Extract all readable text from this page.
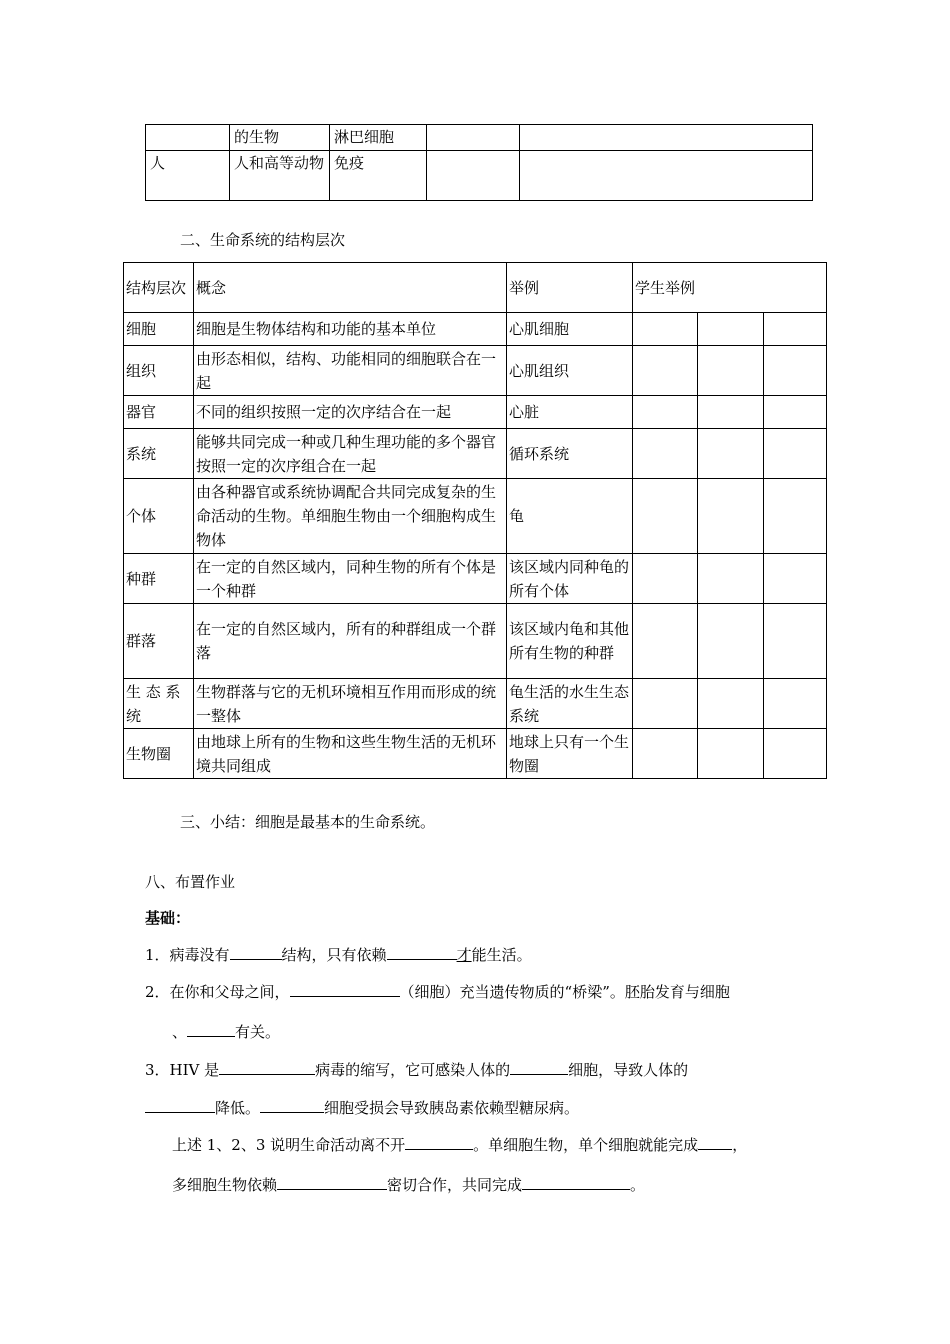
	的生物	淋巴细胞		
人	人和高等动物	免疫		
二、生命系统的结构层次
结构层次	概念	举例	学生举例		
细胞	细胞是生物体结构和功能的基本单位	心肌细胞			
组织	由形态相似，结构、功能相同的细胞联合在一起	心肌组织			
器官	不同的组织按照一定的次序结合在一起	心脏			
系统	能够共同完成一种或几种生理功能的多个器官按照一定的次序组合在一起	循环系统			
个体	由各种器官或系统协调配合共同完成复杂的生命活动的生物。单细胞生物由一个细胞构成生物体	龟			
种群	在一定的自然区域内，同种生物的所有个体是一个种群	该区域内同种龟的所有个体			
群落	在一定的自然区域内，所有的种群组成一个群落	该区域内龟和其他所有生物的种群			
生 态 系统	生物群落与它的无机环境相互作用而形成的统一整体	龟生活的水生生态系统			
生物圈	由地球上所有的生物和这些生物生活的无机环境共同组成	地球上只有一个生物圈			
三、小结：细胞是最基本的生命系统。
八、布置作业
基础：
1．病毒没有	结构，只有依赖	才能生活。
2．在你和父母之间，	（细胞）充当遗传物质的“桥梁”。胚胎发育与细胞
、	有关。
3．HIV 是	病毒的缩写，它可感染人体的	细胞，导致人体的
降低。	细胞受损会导致胰岛素依赖型糖尿病。
上述 1、2、3 说明生命活动离不开	。单细胞生物，单个细胞就能完成 ，
多细胞生物依赖	密切合作，共同完成	。
